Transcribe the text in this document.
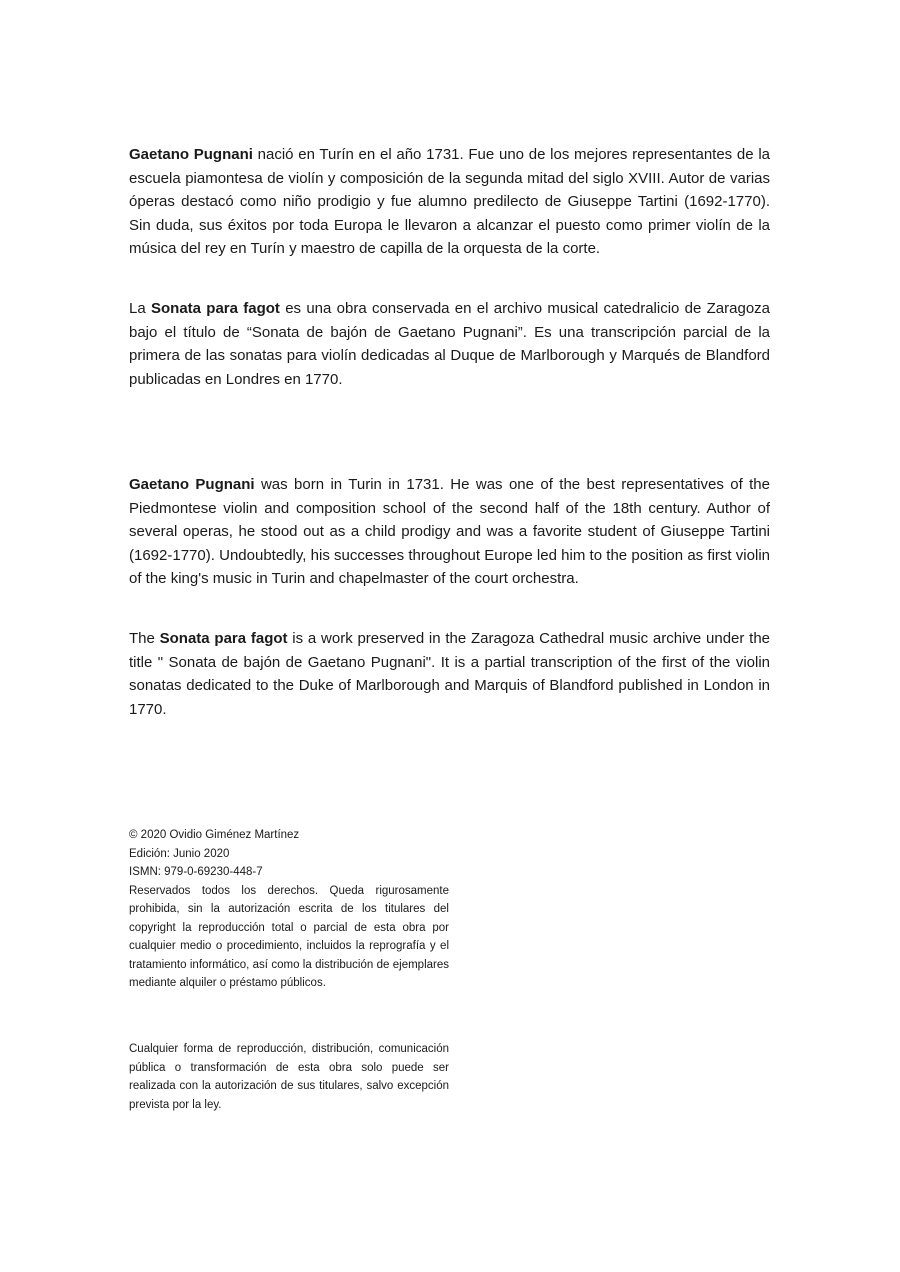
Gaetano Pugnani nació en Turín en el año 1731. Fue uno de los mejores representantes de la escuela piamontesa de violín y composición de la segunda mitad del siglo XVIII. Autor de varias óperas destacó como niño prodigio y fue alumno predilecto de Giuseppe Tartini (1692-1770). Sin duda, sus éxitos por toda Europa le llevaron a alcanzar el puesto como primer violín de la música del rey en Turín y maestro de capilla de la orquesta de la corte.

La Sonata para fagot es una obra conservada en el archivo musical catedralicio de Zaragoza bajo el título de “Sonata de bajón de Gaetano Pugnani”. Es una transcripción parcial de la primera de las sonatas para violín dedicadas al Duque de Marlborough y Marqués de Blandford publicadas en Londres en 1770.

Gaetano Pugnani was born in Turin in 1731. He was one of the best representatives of the Piedmontese violin and composition school of the second half of the 18th century. Author of several operas, he stood out as a child prodigy and was a favorite student of Giuseppe Tartini (1692-1770). Undoubtedly, his successes throughout Europe led him to the position as first violin of the king's music in Turin and chapelmaster of the court orchestra.

The Sonata para fagot is a work preserved in the Zaragoza Cathedral music archive under the title " Sonata de bajón de Gaetano Pugnani". It is a partial transcription of the first of the violin sonatas dedicated to the Duke of Marlborough and Marquis of Blandford published in London in 1770.

© 2020 Ovidio Giménez Martínez
Edición: Junio 2020
ISMN: 979-0-69230-448-7

Reservados todos los derechos. Queda rigurosamente prohibida, sin la autorización escrita de los titulares del copyright la reproducción total o parcial de esta obra por cualquier medio o procedimiento, incluidos la reprografía y el tratamiento informático, así como la distribución de ejemplares mediante alquiler o préstamo públicos.

Cualquier forma de reproducción, distribución, comunicación pública o transformación de esta obra solo puede ser realizada con la autorización de sus titulares, salvo excepción prevista por la ley.
